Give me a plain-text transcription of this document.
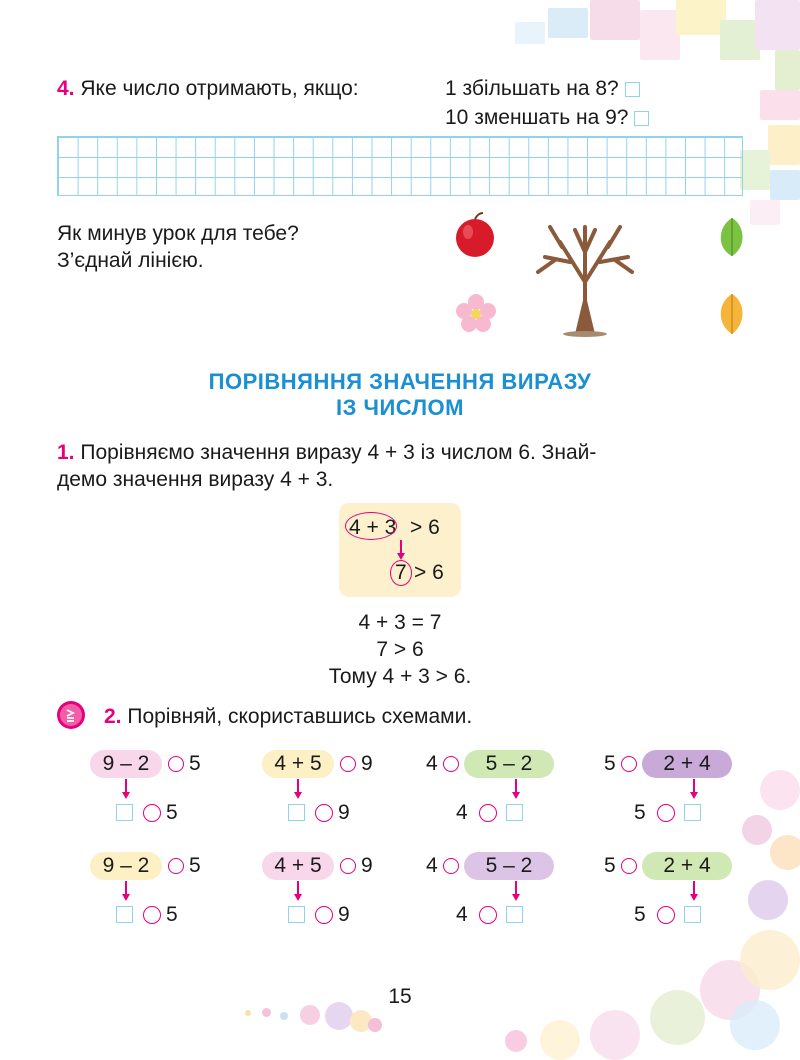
4. Яке число отримають, якщо:	1 збільшать на 8?
10 зменшать на 9?
Як минув урок для тебе?
З’єднай лінією.
ПОРІВНЯННЯ ЗНАЧЕННЯ ВИРАЗУ
ІЗ ЧИСЛОМ
1. Порівняємо значення виразу 4 + 3 із числом 6. Знай-
демо значення виразу 4 + 3.
4 + 3 > 6
7 > 6
4 + 3 = 7
7 > 6
Тому 4 + 3 > 6.
2. Порівняй, скориставшись схемами.
9 – 2	5
5
4 + 5	9
9
4	5 – 2
4
5	2 + 4
5
9 – 2	5
5
4 + 5	9
9
4	5 – 2
4
5	2 + 4
5
15
